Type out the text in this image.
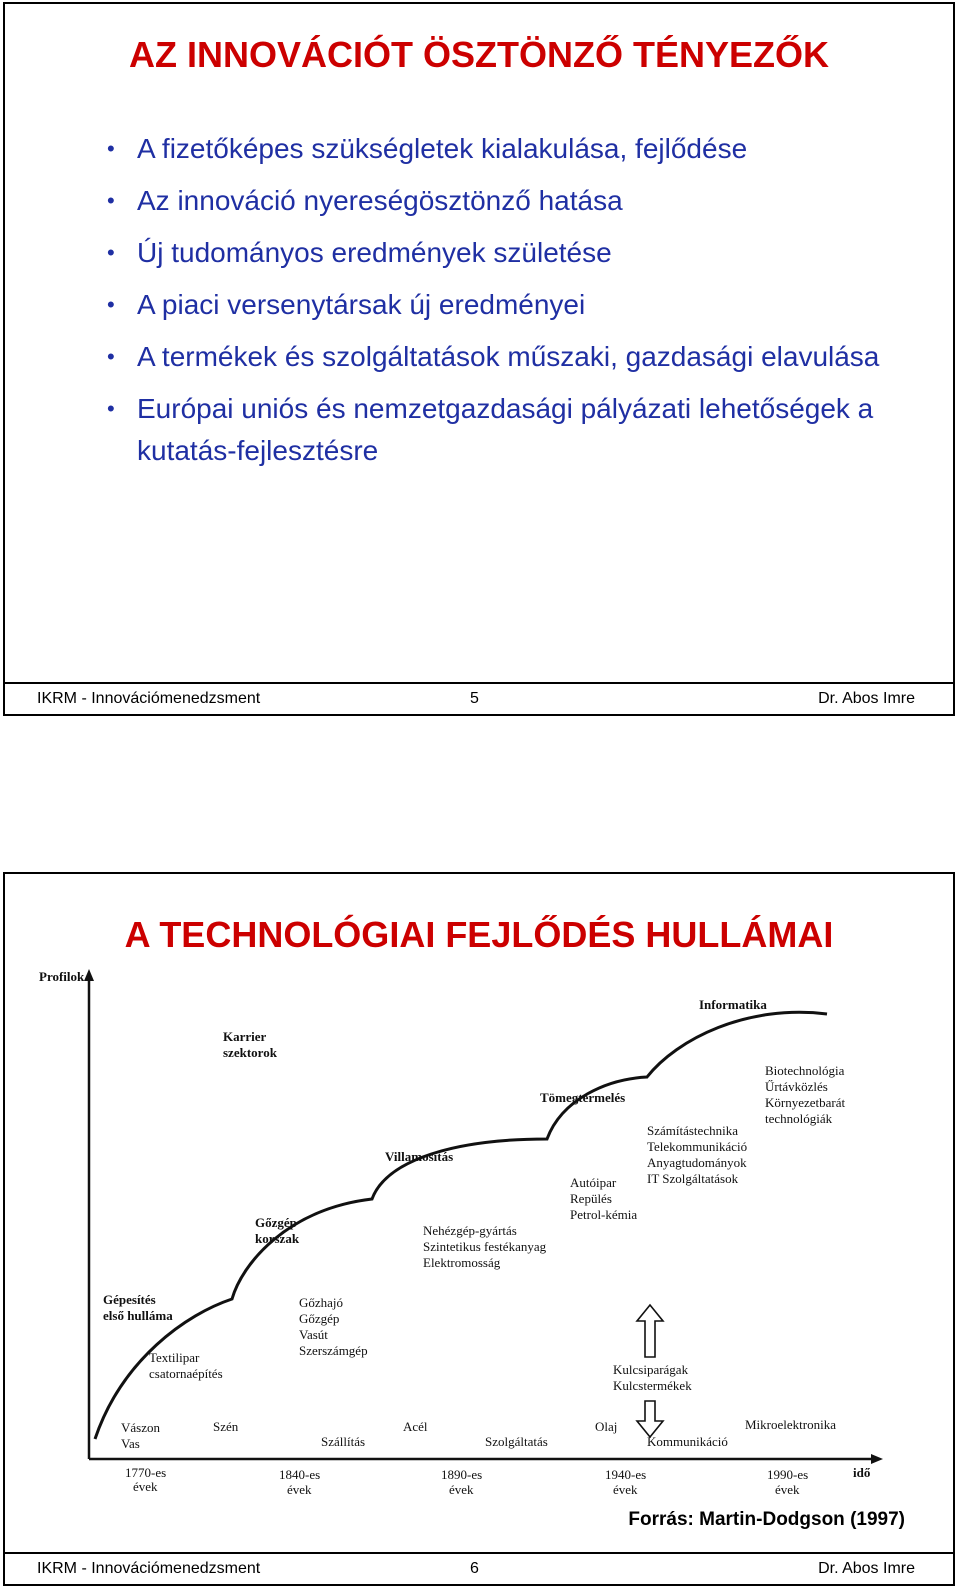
AZ INNOVÁCIÓT ÖSZTÖNZŐ TÉNYEZŐK
• A fizetőképes szükségletek kialakulása, fejlődése
• Az innováció nyereségösztönző hatása
• Új tudományos eredmények születése
• A piaci versenytársak új eredményei
• A termékek és szolgáltatások műszaki, gazdasági elavulása
• Európai uniós és nemzetgazdasági pályázati lehetőségek a kutatás-fejlesztésre
IKRM - Innovációmenedzsment	5	Dr. Abos Imre
A TECHNOLÓGIAI FEJLŐDÉS HULLÁMAI
Profilok
idő
Karrier
szektorok
1770-es
évek
1840-es
évek
1890-es
évek
1940-es
évek
1990-es
évek
Gépesítés
első hulláma
Gőzgép
korszak
Villamosítás
Tömegtermelés
Informatika
Vászon
Vas
Szén
Szállítás
Acél
Szolgáltatás
Olaj
Kommunikáció
Mikroelektronika
Textilipar
csatornaépítés
Gőzhajó
Gőzgép
Vasút
Szerszámgép
Nehézgép-gyártás
Szintetikus festékanyag
Elektromosság
Autóipar
Repülés
Petrol-kémia
Számítástechnika
Telekommunikáció
Anyagtudományok
IT Szolgáltatások
Biotechnológia
Űrtávközlés
Környezetbarát
technológiák
Kulcsiparágak
Kulcstermékek
Forrás: Martin-Dodgson (1997)
IKRM - Innovációmenedzsment	6	Dr. Abos Imre
